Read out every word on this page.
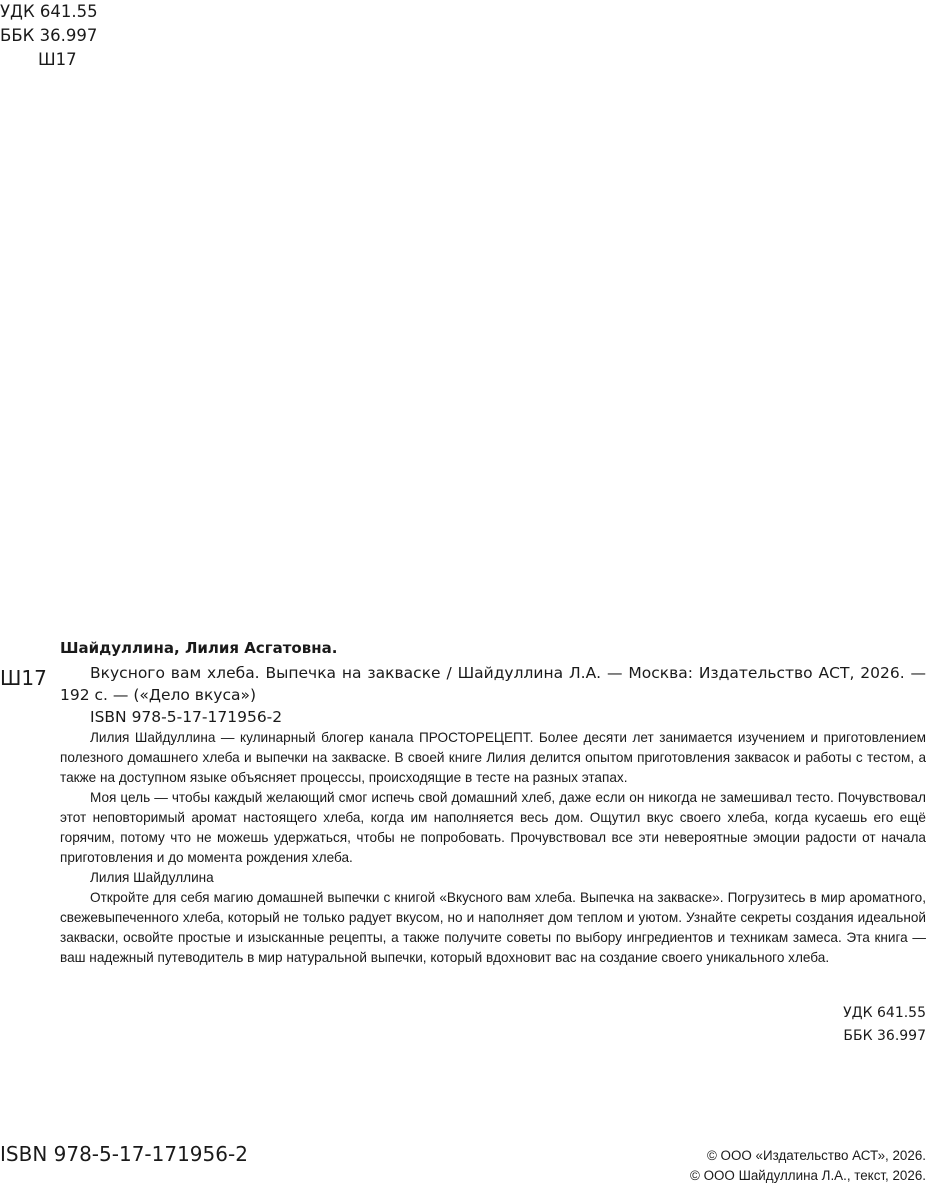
УДК 641.55
ББК 36.997
Ш17
Ш17
Шайдуллина, Лилия Асгатовна.

Вкусного вам хлеба. Выпечка на закваске / Шайдуллина Л.А. — Москва: Издательство АСТ, 2026. —192 с. — («Дело вкуса»)

ISBN 978-5-17-171956-2

Лилия Шайдуллина — кулинарный блогер канала ПРОСТОРЕЦЕПТ. Более десяти лет занимается изучением и приготовлением полезного домашнего хлеба и выпечки на закваске. В своей книге Лилия делится опытом приготовления заквасок и работы с тестом, а также на доступном языке объясняет процессы, происходящие в тесте на разных этапах.

Моя цель — чтобы каждый желающий смог испечь свой домашний хлеб, даже если он никогда не замешивал тесто. Почувствовал этот неповторимый аромат настоящего хлеба, когда им наполняется весь дом. Ощутил вкус своего хлеба, когда кусаешь его ещё горячим, потому что не можешь удержаться, чтобы не попробовать. Прочувствовал все эти невероятные эмоции радости от начала приготовления и до момента рождения хлеба.

Лилия Шайдуллина

Откройте для себя магию домашней выпечки с книгой «Вкусного вам хлеба. Выпечка на закваске». Погрузитесь в мир ароматного, свежевыпеченного хлеба, который не только радует вкусом, но и наполняет дом теплом и уютом. Узнайте секреты создания идеальной закваски, освойте простые и изысканные рецепты, а также получите советы по выбору ингредиентов и техникам замеса. Эта книга — ваш надежный путеводитель в мир натуральной выпечки, который вдохновит вас на создание своего уникального хлеба.

УДК 641.55
ББК 36.997
ISBN 978-5-17-171956-2	© ООО «Издательство АСТ», 2026.
© ООО Шайдуллина Л.А., текст, 2026.
